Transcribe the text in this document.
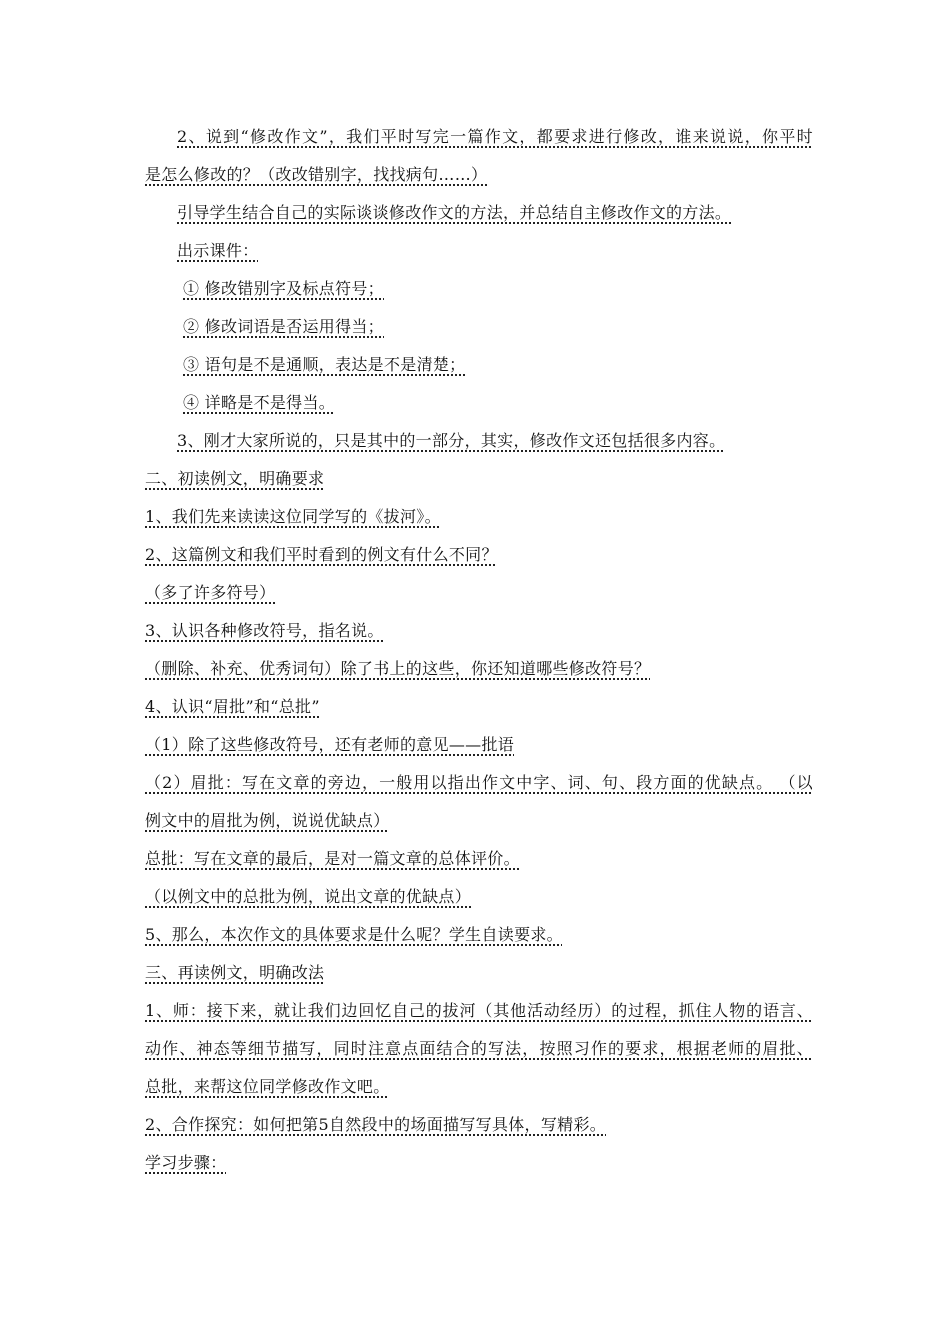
2、说到“修改作文”，我们平时写完一篇作文，都要求进行修改，谁来说说，你平时
是怎么修改的？（改改错别字，找找病句……）
引导学生结合自己的实际谈谈修改作文的方法，并总结自主修改作文的方法。
出示课件：
① 修改错别字及标点符号；
② 修改词语是否运用得当；
③ 语句是不是通顺，表达是不是清楚；
④ 详略是不是得当。
3、刚才大家所说的，只是其中的一部分，其实，修改作文还包括很多内容。
二、初读例文，明确要求
1、我们先来读读这位同学写的《拔河》。
2、这篇例文和我们平时看到的例文有什么不同？
（多了许多符号）
3、认识各种修改符号，指名说。
（删除、补充、优秀词句）除了书上的这些，你还知道哪些修改符号？
4、认识“眉批”和“总批”
（1）除了这些修改符号，还有老师的意见——批语
（2）眉批：写在文章的旁边，一般用以指出作文中字、词、句、段方面的优缺点。 （以
例文中的眉批为例，说说优缺点）
总批：写在文章的最后，是对一篇文章的总体评价。
（以例文中的总批为例，说出文章的优缺点）
5、那么，本次作文的具体要求是什么呢？学生自读要求。
三、再读例文，明确改法
1、师：接下来，就让我们边回忆自己的拔河（其他活动经历）的过程，抓住人物的语言、
动作、神态等细节描写，同时注意点面结合的写法，按照习作的要求，根据老师的眉批、
总批，来帮这位同学修改作文吧。
2、合作探究：如何把第5自然段中的场面描写写具体，写精彩。
学习步骤：
